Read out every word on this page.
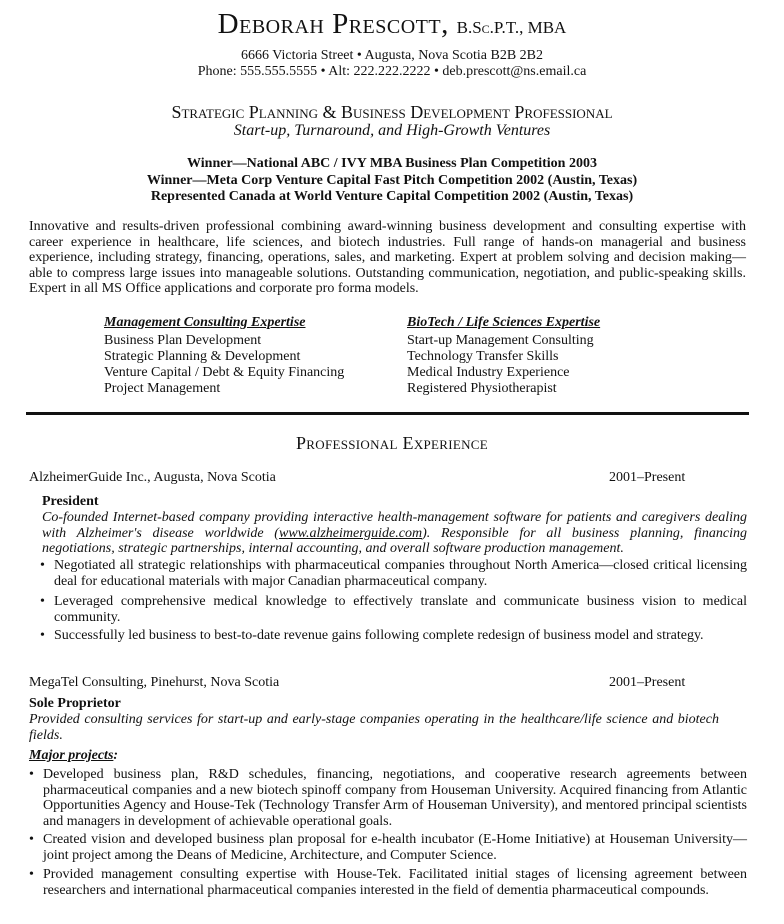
Deborah Prescott, B.Sc.P.T., MBA
6666 Victoria Street • Augusta, Nova Scotia B2B 2B2
Phone: 555.555.5555 • Alt: 222.222.2222 • deb.prescott@ns.email.ca
Strategic Planning & Business Development Professional
Start-up, Turnaround, and High-Growth Ventures
Winner—National ABC / IVY MBA Business Plan Competition 2003
Winner—Meta Corp Venture Capital Fast Pitch Competition 2002 (Austin, Texas)
Represented Canada at World Venture Capital Competition 2002 (Austin, Texas)
Innovative and results-driven professional combining award-winning business development and consulting expertise with career experience in healthcare, life sciences, and biotech industries. Full range of hands-on managerial and business experience, including strategy, financing, operations, sales, and marketing. Expert at problem solving and decision making—able to compress large issues into manageable solutions. Outstanding communication, negotiation, and public-speaking skills. Expert in all MS Office applications and corporate pro forma models.
Management Consulting Expertise
Business Plan Development
Strategic Planning & Development
Venture Capital / Debt & Equity Financing
Project Management
BioTech / Life Sciences Expertise
Start-up Management Consulting
Technology Transfer Skills
Medical Industry Experience
Registered Physiotherapist
Professional Experience
AlzheimerGuide Inc., Augusta, Nova Scotia	2001–Present
President
Co-founded Internet-based company providing interactive health-management software for patients and caregivers dealing with Alzheimer's disease worldwide (www.alzheimerguide.com). Responsible for all business planning, financing negotiations, strategic partnerships, internal accounting, and overall software production management.
• Negotiated all strategic relationships with pharmaceutical companies throughout North America—closed critical licensing deal for educational materials with major Canadian pharmaceutical company.
• Leveraged comprehensive medical knowledge to effectively translate and communicate business vision to medical community.
• Successfully led business to best-to-date revenue gains following complete redesign of business model and strategy.
MegaTel Consulting, Pinehurst, Nova Scotia	2001–Present
Sole Proprietor
Provided consulting services for start-up and early-stage companies operating in the healthcare/life science and biotech fields.
Major projects:
• Developed business plan, R&D schedules, financing, negotiations, and cooperative research agreements between pharmaceutical companies and a new biotech spinoff company from Houseman University. Acquired financing from Atlantic Opportunities Agency and House-Tek (Technology Transfer Arm of Houseman University), and mentored principal scientists and managers in development of achievable operational goals.
• Created vision and developed business plan proposal for e-health incubator (E-Home Initiative) at Houseman University—joint project among the Deans of Medicine, Architecture, and Computer Science.
• Provided management consulting expertise with House-Tek. Facilitated initial stages of licensing agreement between researchers and international pharmaceutical companies interested in the field of dementia pharmaceutical compounds.
